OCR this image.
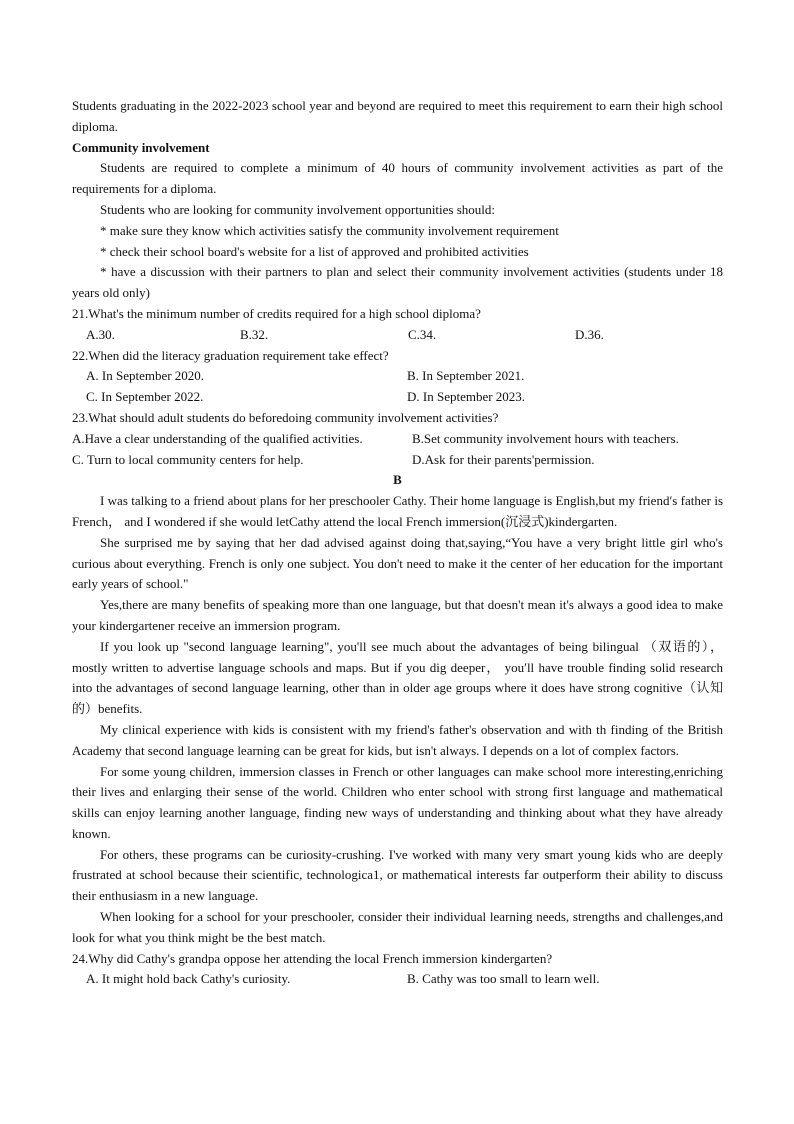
Students graduating in the 2022-2023 school year and beyond are required to meet this requirement to earn their high school diploma.

Community involvement

Students are required to complete a minimum of 40 hours of community involvement activities as part of the requirements for a diploma.

Students who are looking for community involvement opportunities should:

* make sure they know which activities satisfy the community involvement requirement

* check their school board's website for a list of approved and prohibited activities

* have a discussion with their partners to plan and select their community involvement activities (students under 18 years old only)

21.What's the minimum number of credits required for a high school diploma?

A.30.	B.32.	C.34.	D.36.

22.When did the literacy graduation requirement take effect?

A. In September 2020.	B. In September 2021.
C. In September 2022.	D. In September 2023.

23.What should adult students do beforedoing community involvement activities?

A.Have a clear understanding of the qualified activities.	B.Set community involvement hours with teachers.
C. Turn to local community centers for help.	D.Ask for their parents'permission.

B

I was talking to a friend about plans for her preschooler Cathy. Their home language is English,but my friend′s father is French， and I wondered if she would letCathy attend the local French immersion(沉浸式)kindergarten.

She surprised me by saying that her dad advised against doing that,saying,“You have a very bright little girl who's curious about everything. French is only one subject. You don't need to make it the center of her education for the important early years of school."

Yes,there are many benefits of speaking more than one language, but that doesn't mean it's always a good idea to make your kindergartener receive an immersion program.

If you look up "second language learning", you'll see much about the advantages of being bilingual （双语的），mostly written to advertise language schools and maps. But if you dig deeper， you′ll have trouble finding solid research into the advantages of second language learning, other than in older age groups where it does have strong cognitive（认知的）benefits.

My clinical experience with kids is consistent with my friend's father's observation and with th finding of the British Academy that second language learning can be great for kids, but isn't always. I depends on a lot of complex factors.

For some young children, immersion classes in French or other languages can make school more interesting,enriching their lives and enlarging their sense of the world. Children who enter school with strong first language and mathematical skills can enjoy learning another language, finding new ways of understanding and thinking about what they have already known.

For others, these programs can be curiosity-crushing. I've worked with many very smart young kids who are deeply frustrated at school because their scientific, technologica1, or mathematical interests far outperform their ability to discuss their enthusiasm in a new language.

When looking for a school for your preschooler, consider their individual learning needs, strengths and challenges,and look for what you think might be the best match.

24.Why did Cathy's grandpa oppose her attending the local French immersion kindergarten?

A. It might hold back Cathy's curiosity.	B. Cathy was too small to learn well.
